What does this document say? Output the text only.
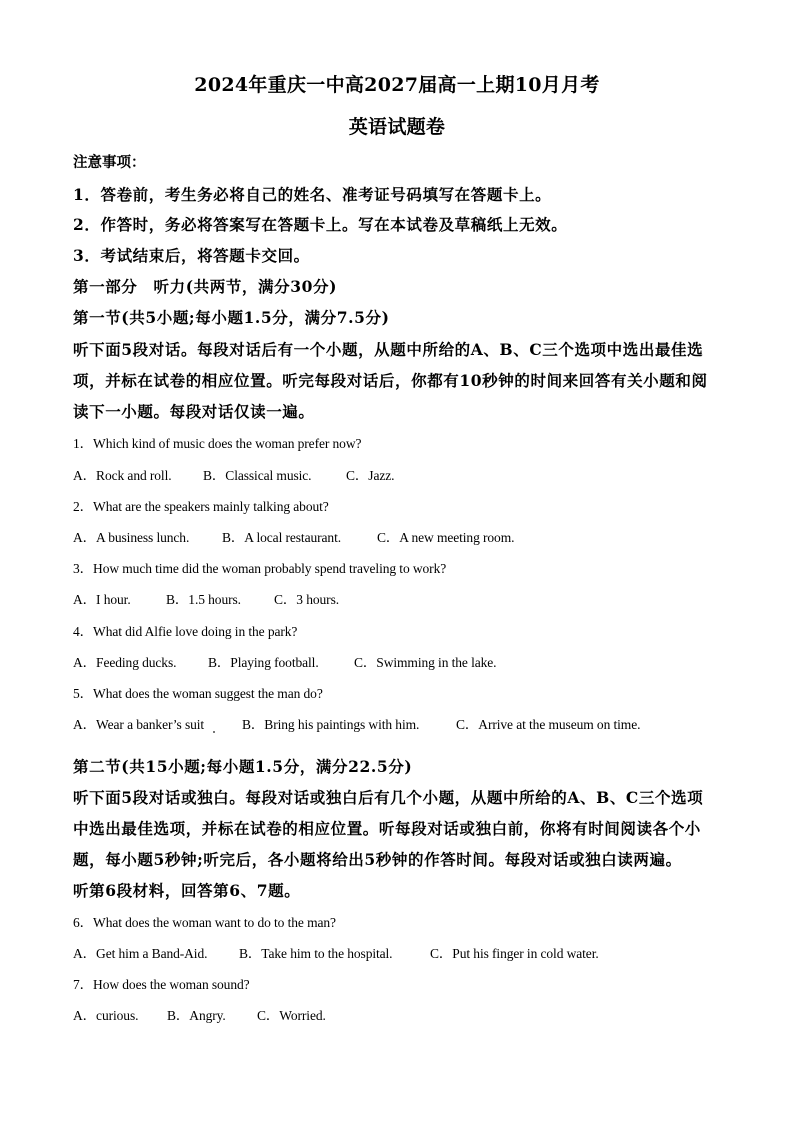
2024年重庆一中高2027届高一上期10月月考
英语试题卷
注意事项：
1．答卷前，考生务必将自己的姓名、准考证号码填写在答题卡上。
2．作答时，务必将答案写在答题卡上。写在本试卷及草稿纸上无效。
3．考试结束后，将答题卡交回。
第一部分　听力(共两节，满分30分)
第一节(共5小题;每小题1.5分，满分7.5分)
听下面5段对话。每段对话后有一个小题，从题中所给的A、B、C三个选项中选出最佳选
项，并标在试卷的相应位置。听完每段对话后，你都有10秒钟的时间来回答有关小题和阅
读下一小题。每段对话仅读一遍。
1．Which kind of music does the woman prefer now?
A．Rock and roll. B．Classical music.	C．Jazz.
2．What are the speakers mainly talking about?
A．A business lunch. B．A local restaurant.	C．A new meeting room.
3．How much time did the woman probably spend traveling to work?
A．I hour.	B．1.5 hours. C．3 hours.
4．What did Alfie love doing in the park?
A．Feeding ducks. B．Playing football.	C．Swimming in the lake.
5．What does the woman suggest the man do?
A．Wear a banker’s suit	B．Bring his paintings with him.	C．Arrive at the museum on time.
第二节(共15小题;每小题1.5分，满分22.5分)
听下面5段对话或独白。每段对话或独白后有几个小题，从题中所给的A、B、C三个选项
中选出最佳选项，并标在试卷的相应位置。听每段对话或独白前，你将有时间阅读各个小
题，每小题5秒钟;听完后，各小题将给出5秒钟的作答时间。每段对话或独白读两遍。
听第6段材料，回答第6、7题。
6．What does the woman want to do to the man?
A．Get him a Band-Aid. B．Take him to the hospital.	C．Put his finger in cold water.
7．How does the woman sound?
A．curious. B．Angry. C．Worried.
